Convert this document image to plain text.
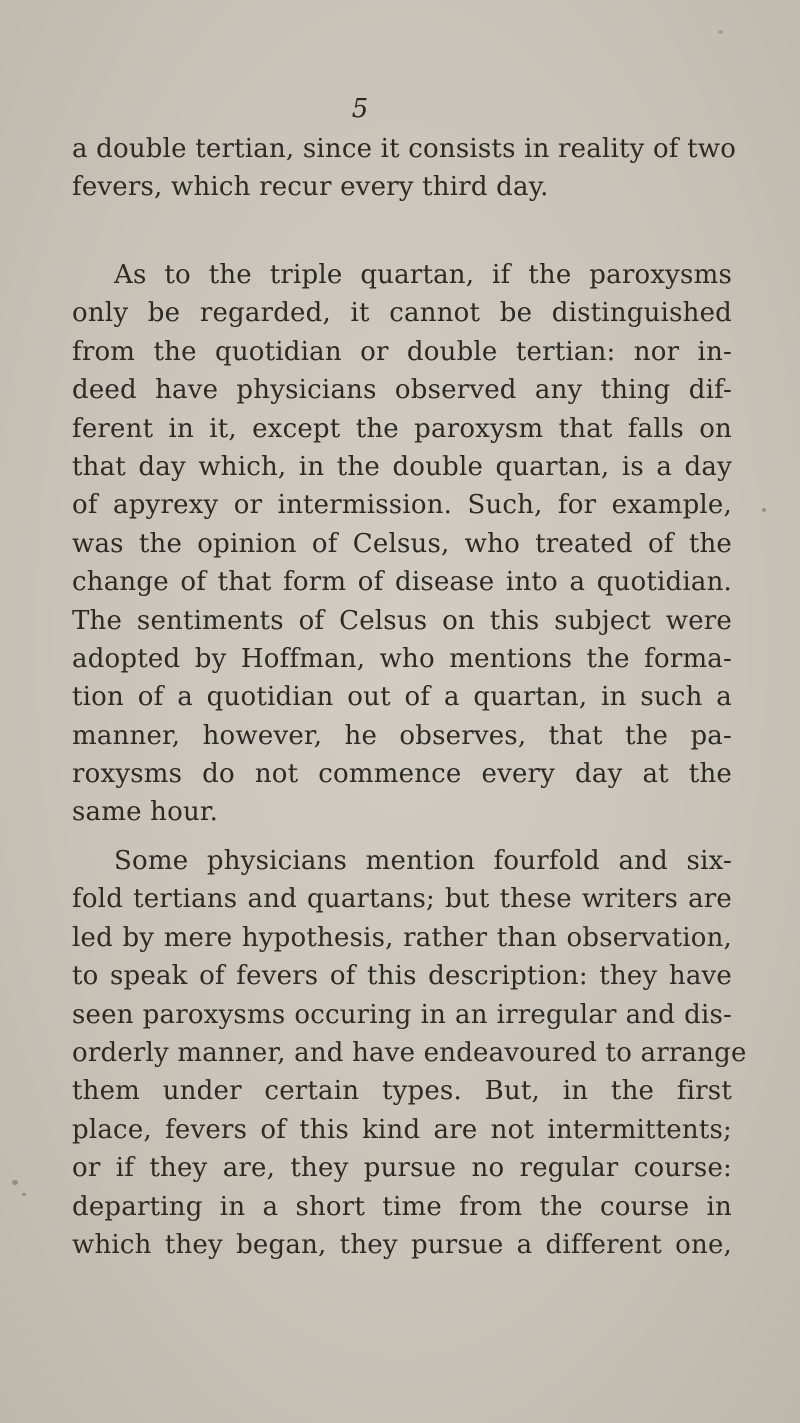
5
a double tertian, since it consists in reality of two
fevers, which recur every third day.
As to the triple quartan, if the paroxysms
only be regarded, it cannot be distinguished
from the quotidian or double tertian: nor in-
deed have physicians observed any thing dif-
ferent in it, except the paroxysm that falls on
that day which, in the double quartan, is a day
of apyrexy or intermission. Such, for example,
was the opinion of Celsus, who treated of the
change of that form of disease into a quotidian.
The sentiments of Celsus on this subject were
adopted by Hoffman, who mentions the forma-
tion of a quotidian out of a quartan, in such a
manner, however, he observes, that the pa-
roxysms do not commence every day at the
same hour.
Some physicians mention fourfold and six-
fold tertians and quartans; but these writers are
led by mere hypothesis, rather than observation,
to speak of fevers of this description: they have
seen paroxysms occuring in an irregular and dis-
orderly manner, and have endeavoured to arrange
them under certain types. But, in the first
place, fevers of this kind are not intermittents;
or if they are, they pursue no regular course:
departing in a short time from the course in
which they began, they pursue a different one,
